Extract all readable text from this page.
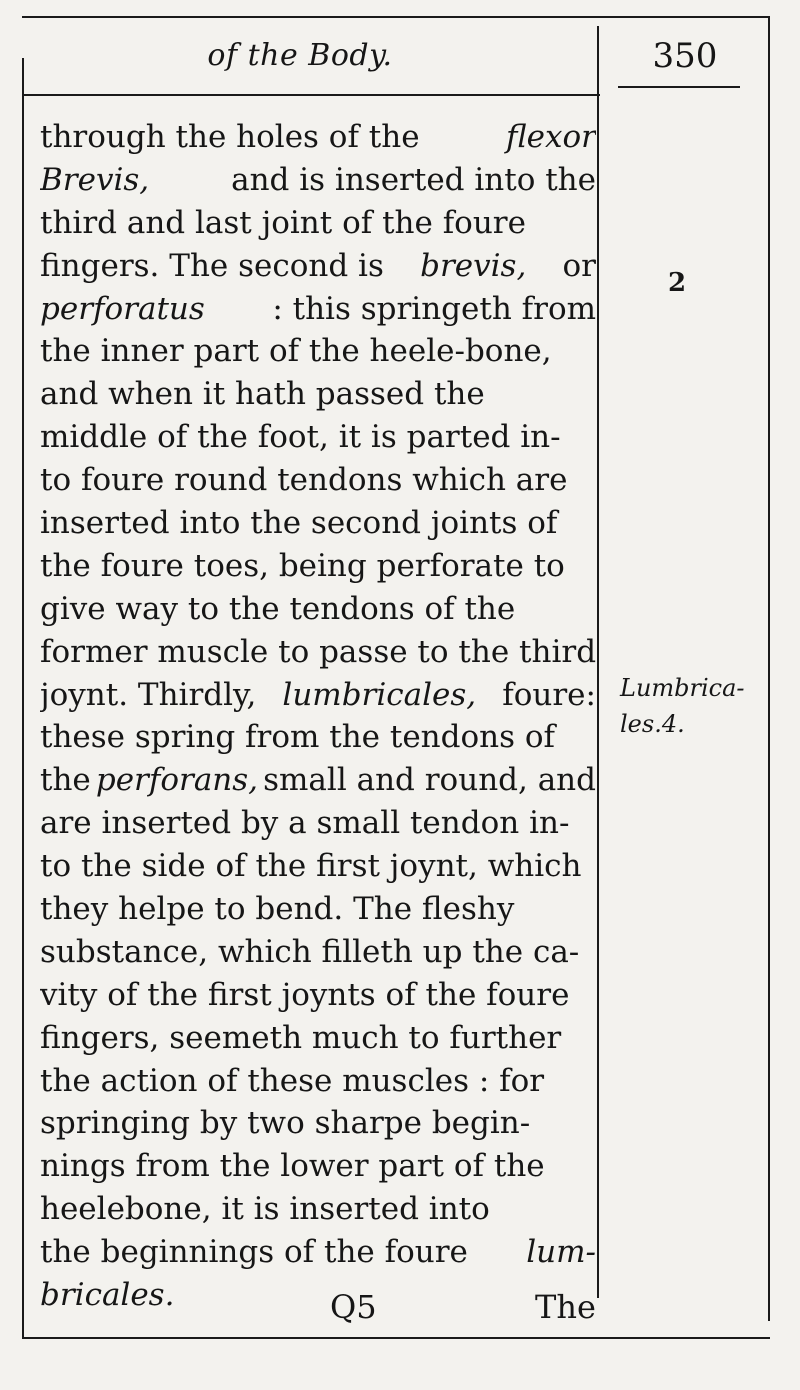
of the Body.	350
through the holes of the	flexor
Brevis,	and is inserted into the
third and last joint of the foure
fingers. The second is brevis, or
perforatus : this springeth from
the inner part of the heele-bone,
and when it hath passed the
middle of the foot, it is parted in-
to foure round tendons which are
inserted into the second joints of
the foure toes, being perforate to
give way to the tendons of the
former muscle to passe to the third
joynt. Thirdly, lumbricales, foure:
these spring from the tendons of
the perforans, small and round, and
are inserted by a small tendon in-
to the side of the first joynt, which
they helpe to bend. The fleshy
substance, which filleth up the ca-
vity of the first joynts of the foure
fingers, seemeth much to further
the action of these muscles : for
springing by two sharpe begin-
nings from the lower part of the
heelebone, it is inserted into
the beginnings of the foure lum-
bricales.
2
Lumbrica-
les.4.
Q5	The
